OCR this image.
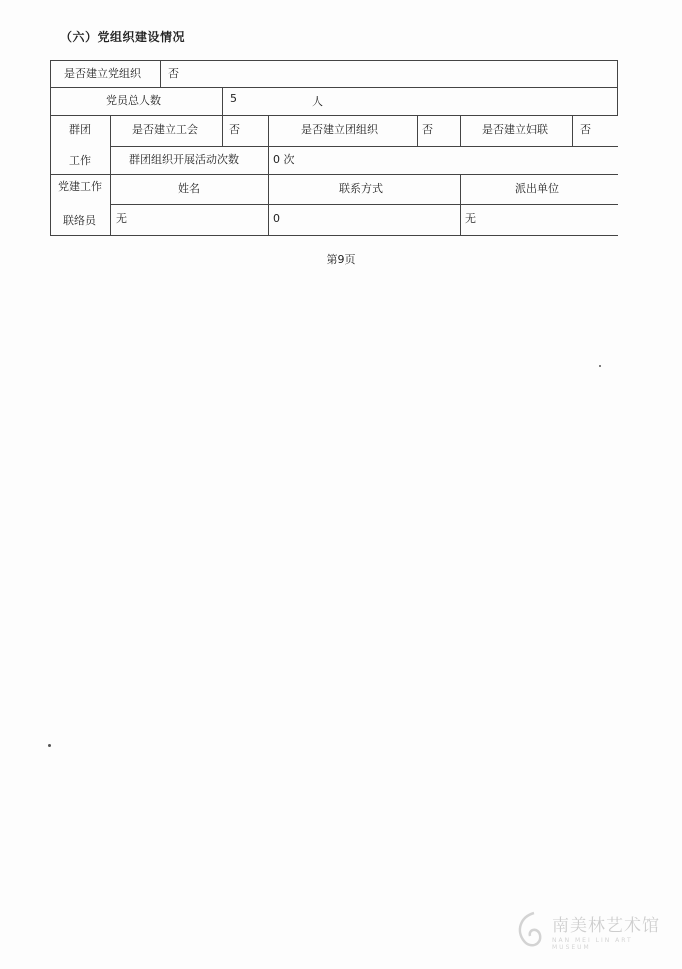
（六）党组织建设情况
是否建立党组织 否
党员总人数	5	人
群团
工作
是否建立工会	否	是否建立团组织	否	是否建立妇联	否
群团组织开展活动次数	0 次
党建工作
联络员
姓名	联系方式	派出单位
无	0	无
第9页
南美林艺术馆
NAN MEI LIN ART MUSEUM
